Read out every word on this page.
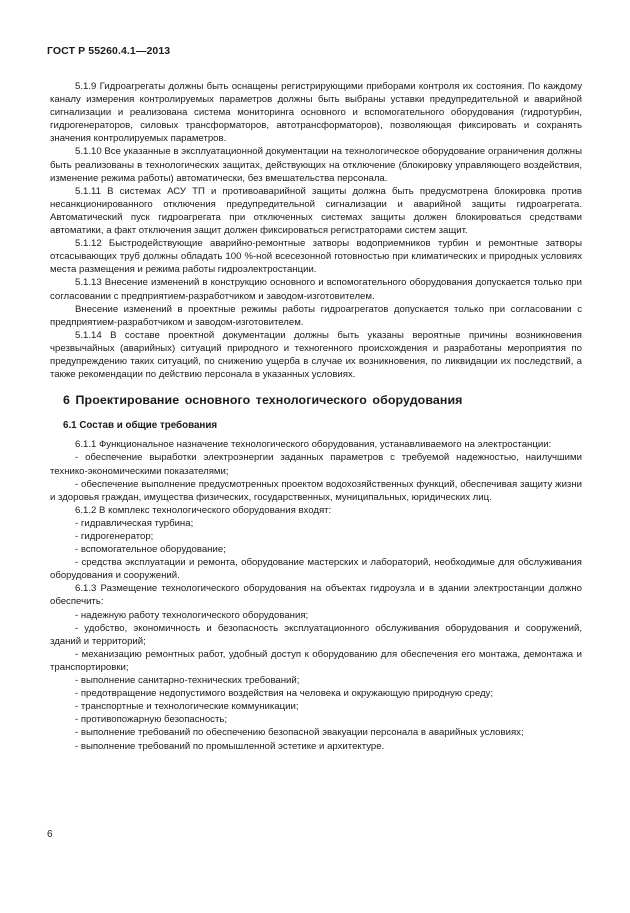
ГОСТ Р 55260.4.1—2013

5.1.9 Гидроагрегаты должны быть оснащены регистрирующими приборами контроля их состояния. По каждому каналу измерения контролируемых параметров должны быть выбраны уставки предупредительной и аварийной сигнализации и реализована система мониторинга основного и вспомогательного оборудования (гидротурбин, гидрогенераторов, силовых трансформаторов, автотрансформаторов), позволяющая фиксировать и сохранять значения контролируемых параметров.

5.1.10 Все указанные в эксплуатационной документации на технологическое оборудование ограничения должны быть реализованы в технологических защитах, действующих на отключение (блокировку управляющего воздействия, изменение режима работы) автоматически, без вмешательства персонала.

5.1.11 В системах АСУ ТП и противоаварийной защиты должна быть предусмотрена блокировка против несанкционированного отключения предупредительной сигнализации и аварийной защиты гидроагрегата. Автоматический пуск гидроагрегата при отключенных системах защиты должен блокироваться средствами автоматики, а факт отключения защит должен фиксироваться регистраторами систем защит.

5.1.12 Быстродействующие аварийно-ремонтные затворы водоприемников турбин и ремонтные затворы отсасывающих труб должны обладать 100 %-ной всесезонной готовностью при климатических и природных условиях места размещения и режима работы гидроэлектростанции.

5.1.13 Внесение изменений в конструкцию основного и вспомогательного оборудования допускается только при согласовании с предприятием-разработчиком и заводом-изготовителем.

Внесение изменений в проектные режимы работы гидроагрегатов допускается только при согласовании с предприятием-разработчиком и заводом-изготовителем.

5.1.14 В составе проектной документации должны быть указаны вероятные причины возникновения чрезвычайных (аварийных) ситуаций природного и техногенного происхождения и разработаны мероприятия по предупреждению таких ситуаций, по снижению ущерба в случае их возникновения, по ликвидации их последствий, а также рекомендации по действию персонала в указанных условиях.

6 Проектирование основного технологического оборудования
6.1 Состав и общие требования

6.1.1 Функциональное назначение технологического оборудования, устанавливаемого на электростанции:

- обеспечение выработки электроэнергии заданных параметров с требуемой надежностью, наилучшими технико-экономическими показателями;

- обеспечение выполнение предусмотренных проектом водохозяйственных функций, обеспечивая защиту жизни и здоровья граждан, имущества физических, государственных, муниципальных, юридических лиц.

6.1.2 В комплекс технологического оборудования входят:

- гидравлическая турбина;

- гидрогенератор;

- вспомогательное оборудование;

- средства эксплуатации и ремонта, оборудование мастерских и лабораторий, необходимые для обслуживания оборудования и сооружений.

6.1.3 Размещение технологического оборудования на объектах гидроузла и в здании электростанции должно обеспечить:

- надежную работу технологического оборудования;

- удобство, экономичность и безопасность эксплуатационного обслуживания оборудования и сооружений, зданий и территорий;

- механизацию ремонтных работ, удобный доступ к оборудованию для обеспечения его монтажа, демонтажа и транспортировки;

- выполнение санитарно-технических требований;

- предотвращение недопустимого воздействия на человека и окружающую природную среду;

- транспортные и технологические коммуникации;

- противопожарную безопасность;

- выполнение требований по обеспечению безопасной эвакуации персонала в аварийных условиях;

- выполнение требований по промышленной эстетике и архитектуре.

6
